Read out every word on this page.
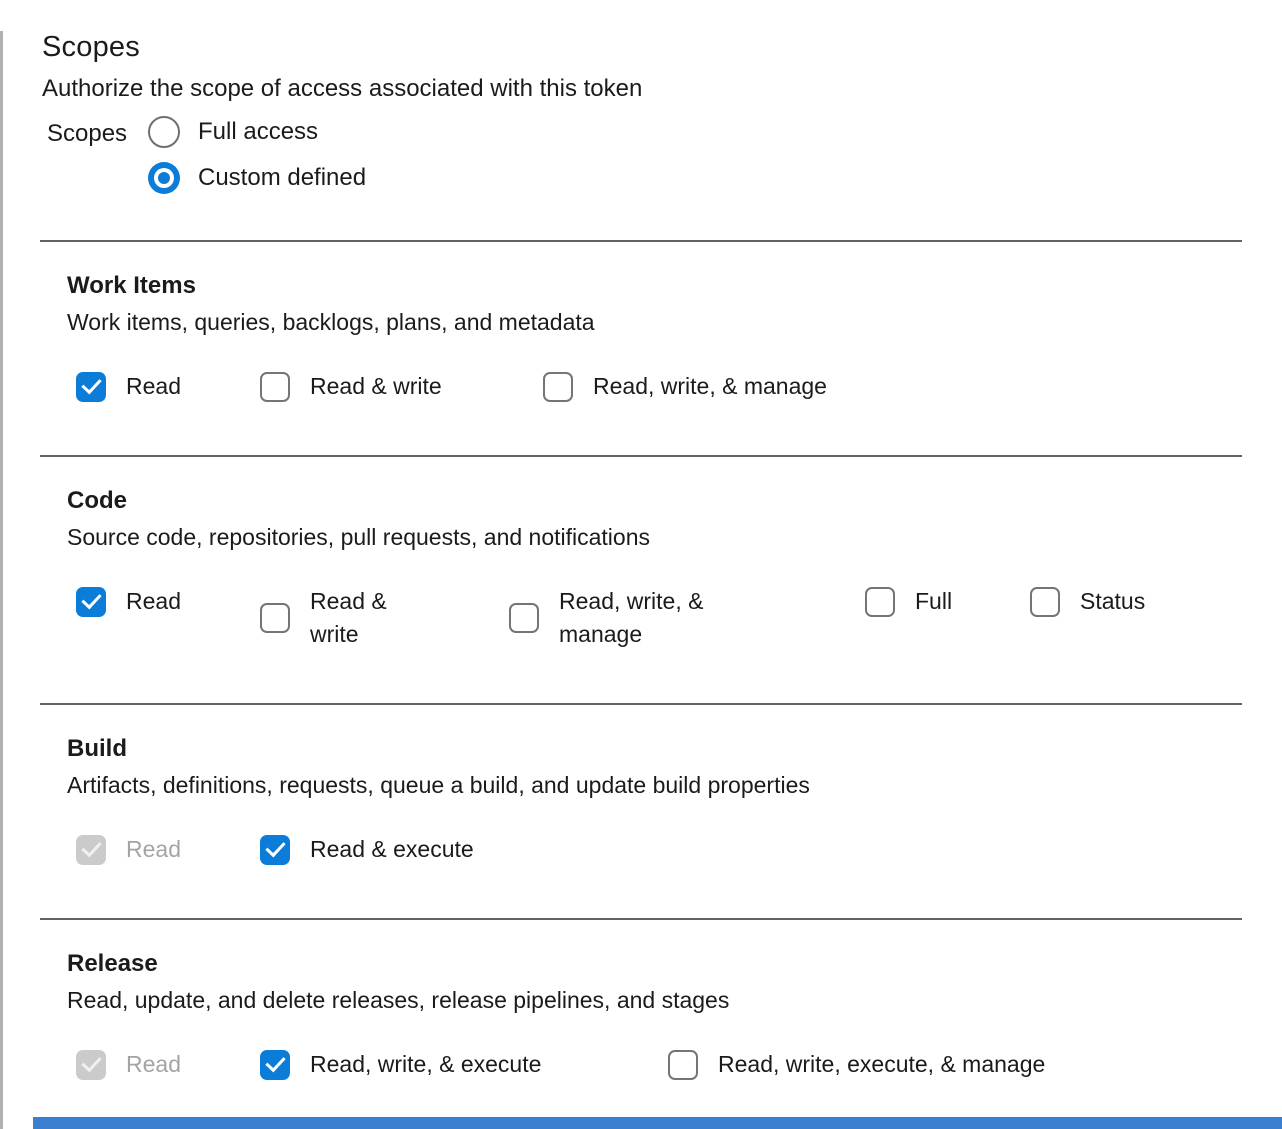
Scopes
Authorize the scope of access associated with this token
Scopes	Full access
Custom defined
Work Items
Work items, queries, backlogs, plans, and metadata
Read	Read & write	Read, write, & manage
Code
Source code, repositories, pull requests, and notifications
Read	Read & write
Read, write, & manage
Full	Status
Build
Artifacts, definitions, requests, queue a build, and update build properties
Read	Read & execute
Release
Read, update, and delete releases, release pipelines, and stages
Read	Read, write, & execute	Read, write, execute, & manage
